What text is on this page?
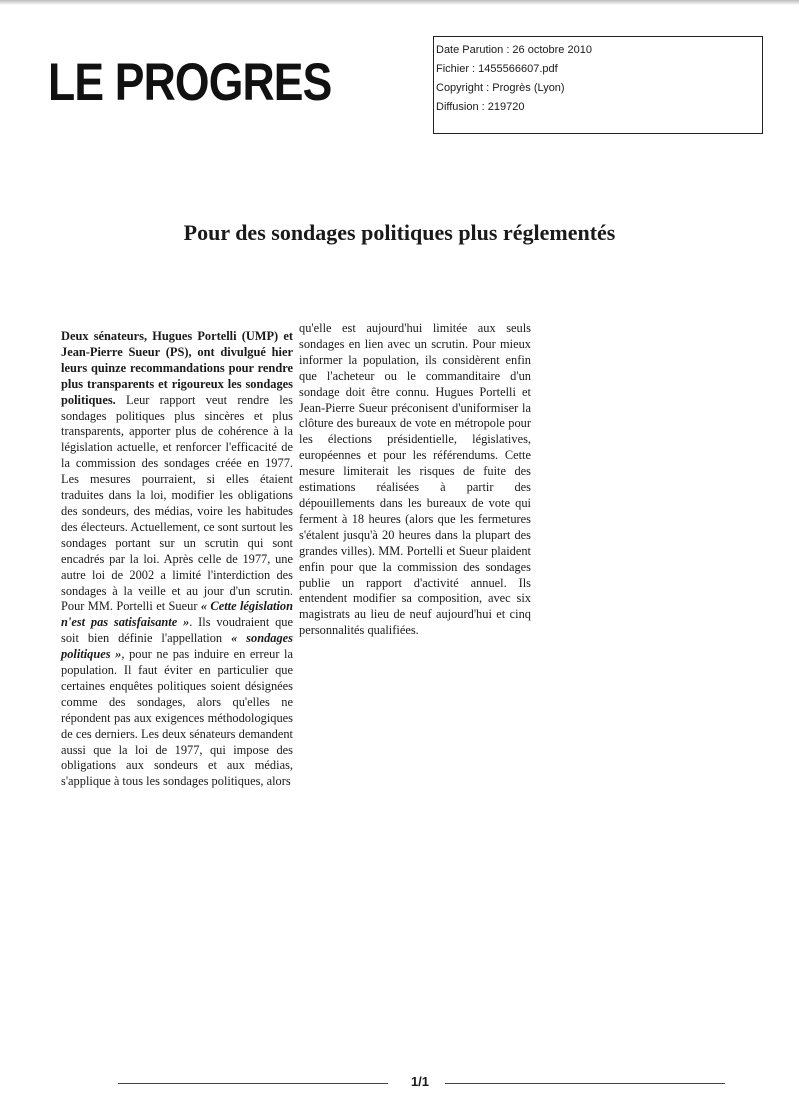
LE PROGRES
Date Parution : 26 octobre 2010
Fichier : 1455566607.pdf
Copyright : Progrès (Lyon)
Diffusion : 219720
Pour des sondages politiques plus réglementés
Deux sénateurs, Hugues Portelli (UMP) et Jean-Pierre Sueur (PS), ont divulgué hier leurs quinze recommandations pour rendre plus transparents et rigoureux les sondages politiques. Leur rapport veut rendre les sondages politiques plus sincères et plus transparents, apporter plus de cohérence à la législation actuelle, et renforcer l'efficacité de la commission des sondages créée en 1977. Les mesures pourraient, si elles étaient traduites dans la loi, modifier les obligations des sondeurs, des médias, voire les habitudes des électeurs. Actuellement, ce sont surtout les sondages portant sur un scrutin qui sont encadrés par la loi. Après celle de 1977, une autre loi de 2002 a limité l'interdiction des sondages à la veille et au jour d'un scrutin. Pour MM. Portelli et Sueur « Cette législation n'est pas satisfaisante ». Ils voudraient que soit bien définie l'appellation « sondages politiques », pour ne pas induire en erreur la population. Il faut éviter en particulier que certaines enquêtes politiques soient désignées comme des sondages, alors qu'elles ne répondent pas aux exigences méthodologiques de ces derniers. Les deux sénateurs demandent aussi que la loi de 1977, qui impose des obligations aux sondeurs et aux médias, s'applique à tous les sondages politiques, alors
qu'elle est aujourd'hui limitée aux seuls sondages en lien avec un scrutin. Pour mieux informer la population, ils considèrent enfin que l'acheteur ou le commanditaire d'un sondage doit être connu. Hugues Portelli et Jean-Pierre Sueur préconisent d'uniformiser la clôture des bureaux de vote en métropole pour les élections présidentielle, législatives, européennes et pour les référendums. Cette mesure limiterait les risques de fuite des estimations réalisées à partir des dépouillements dans les bureaux de vote qui ferment à 18 heures (alors que les fermetures s'étalent jusqu'à 20 heures dans la plupart des grandes villes). MM. Portelli et Sueur plaident enfin pour que la commission des sondages publie un rapport d'activité annuel. Ils entendent modifier sa composition, avec six magistrats au lieu de neuf aujourd'hui et cinq personnalités qualifiées.
1/1
